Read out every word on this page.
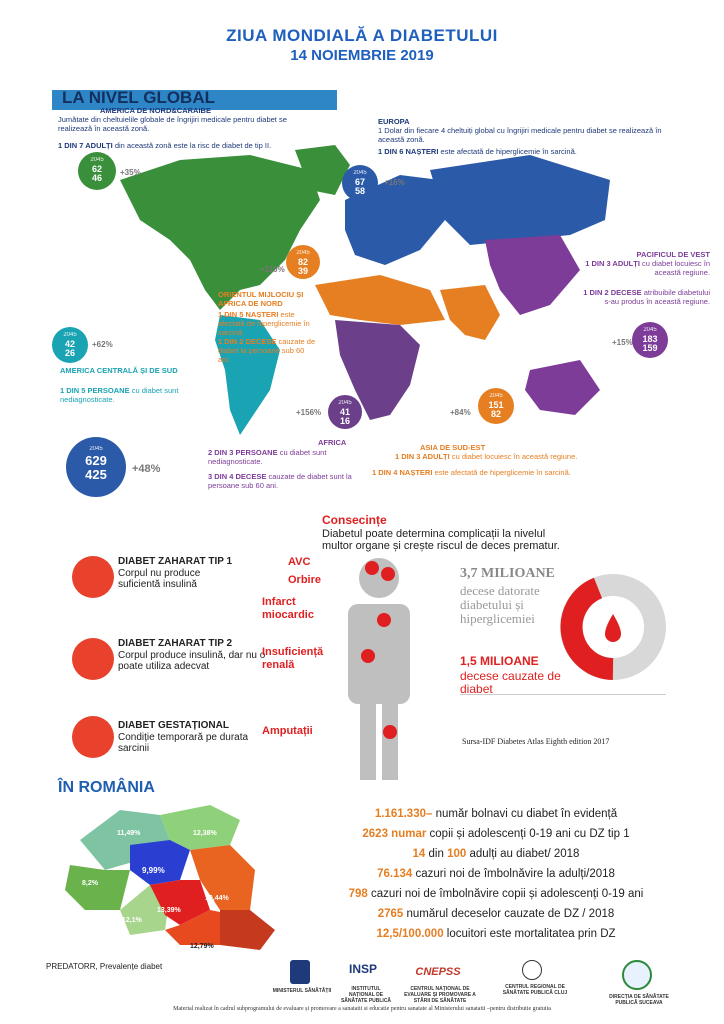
ZIUA MONDIALĂ A DIABETULUI
14 NOIEMBRIE 2019
LA NIVEL GLOBAL
AMERICA DE NORD&CARAIBE
Jumătate din cheltuielile globale de îngrijiri medicale pentru diabet se realizează în această zonă.
1 DIN 7 ADULȚI din această zonă este la risc de diabet de tip II.
2045
62
46
+35%
EUROPA
1 Dolar din fiecare 4 cheltuiți global cu îngrijiri medicale pentru diabet se realizează în această zonă.
1 DIN 6 NAȘTERI este afectată de hiperglicemie în sarcină.
2045
67
58
+16%
2045
82
39
+110%
ORIENTUL MIJLOCIU ȘI AFRICA DE NORD
1 DIN 5 NAȘTERI este afectată de hiperglicemie în sarcină.
1 DIN 2 DECESE cauzate de diabet la persoane sub 60 ani.
PACIFICUL DE VEST
1 DIN 3 ADULȚI cu diabet locuiesc în această regiune.
1 DIN 2 DECESE atribuibile diabetului s-au produs în această regiune.
2045
183
159
+15%
2045
42
26
+62%
AMERICA CENTRALĂ ȘI DE SUD
1 DIN 5 PERSOANE cu diabet sunt nediagnosticate.	2045
41
16
+156%
AFRICA
2 DIN 3 PERSOANE cu diabet sunt nediagnosticate.
3 DIN 4 DECESE cauzate de diabet sunt la persoane sub 60 ani.
2045
151
82
+84%
ASIA DE SUD-EST
1 DIN 3 ADULȚI cu diabet locuiesc în această regiune.
1 DIN 4 NAȘTERI este afectată de hiperglicemie în sarcină.
2045
629
425	+48%
DIABET ZAHARAT TIP 1
Corpul nu produce suficientă insulină
DIABET ZAHARAT TIP 2
Corpul produce insulină, dar nu o poate utiliza adecvat
DIABET GESTAȚIONAL
Condiție temporară pe durata sarcinii
Consecințe
Diabetul poate determina complicații la nivelul multor organe și crește riscul de deces prematur.
AVC
Orbire
Infarct miocardic
Insuficiență renală
Amputații
3,7 MILIOANE
decese datorate diabetului și hiperglicemiei
1,5 MILIOANE
decese cauzate de diabet
Sursa-IDF Diabetes Atlas Eighth edition 2017
ÎN ROMÂNIA
11,49%	12,38%
9,99%
8,2%
10,44%
12,1%
13,39%
12,79%
PREDATORR, Prevalențe diabet
1.161.330– număr bolnavi cu diabet în evidență
2623 numar copii și adolescenți 0-19 ani cu DZ tip 1
14 din 100 adulți au diabet/ 2018
76.134 cazuri noi de îmbolnăvire la adulți/2018
798 cazuri noi de îmbolnăvire copii și adolescenți 0-19 ani
2765 numărul deceselor cauzate de DZ / 2018
12,5/100.000 locuitori este mortalitatea prin DZ
MINISTERUL SĂNĂTĂȚII
INSP
INSTITUTUL NAȚIONAL DE SĂNĂTATE PUBLICĂ
CNEPSS
CENTRUL NAȚIONAL DE EVALUARE ȘI PROMOVARE A STĂRII DE SĂNĂTATE
CENTRUL REGIONAL DE SĂNĂTATE PUBLICĂ CLUJ
DIRECȚIA DE SĂNĂTATE PUBLICĂ SUCEAVA
Material realizat în cadrul subprogramului de evaluare și promovare a sanatatii si educatie pentru sanatate al Ministerului sanatatii –pentru distributie gratuita
